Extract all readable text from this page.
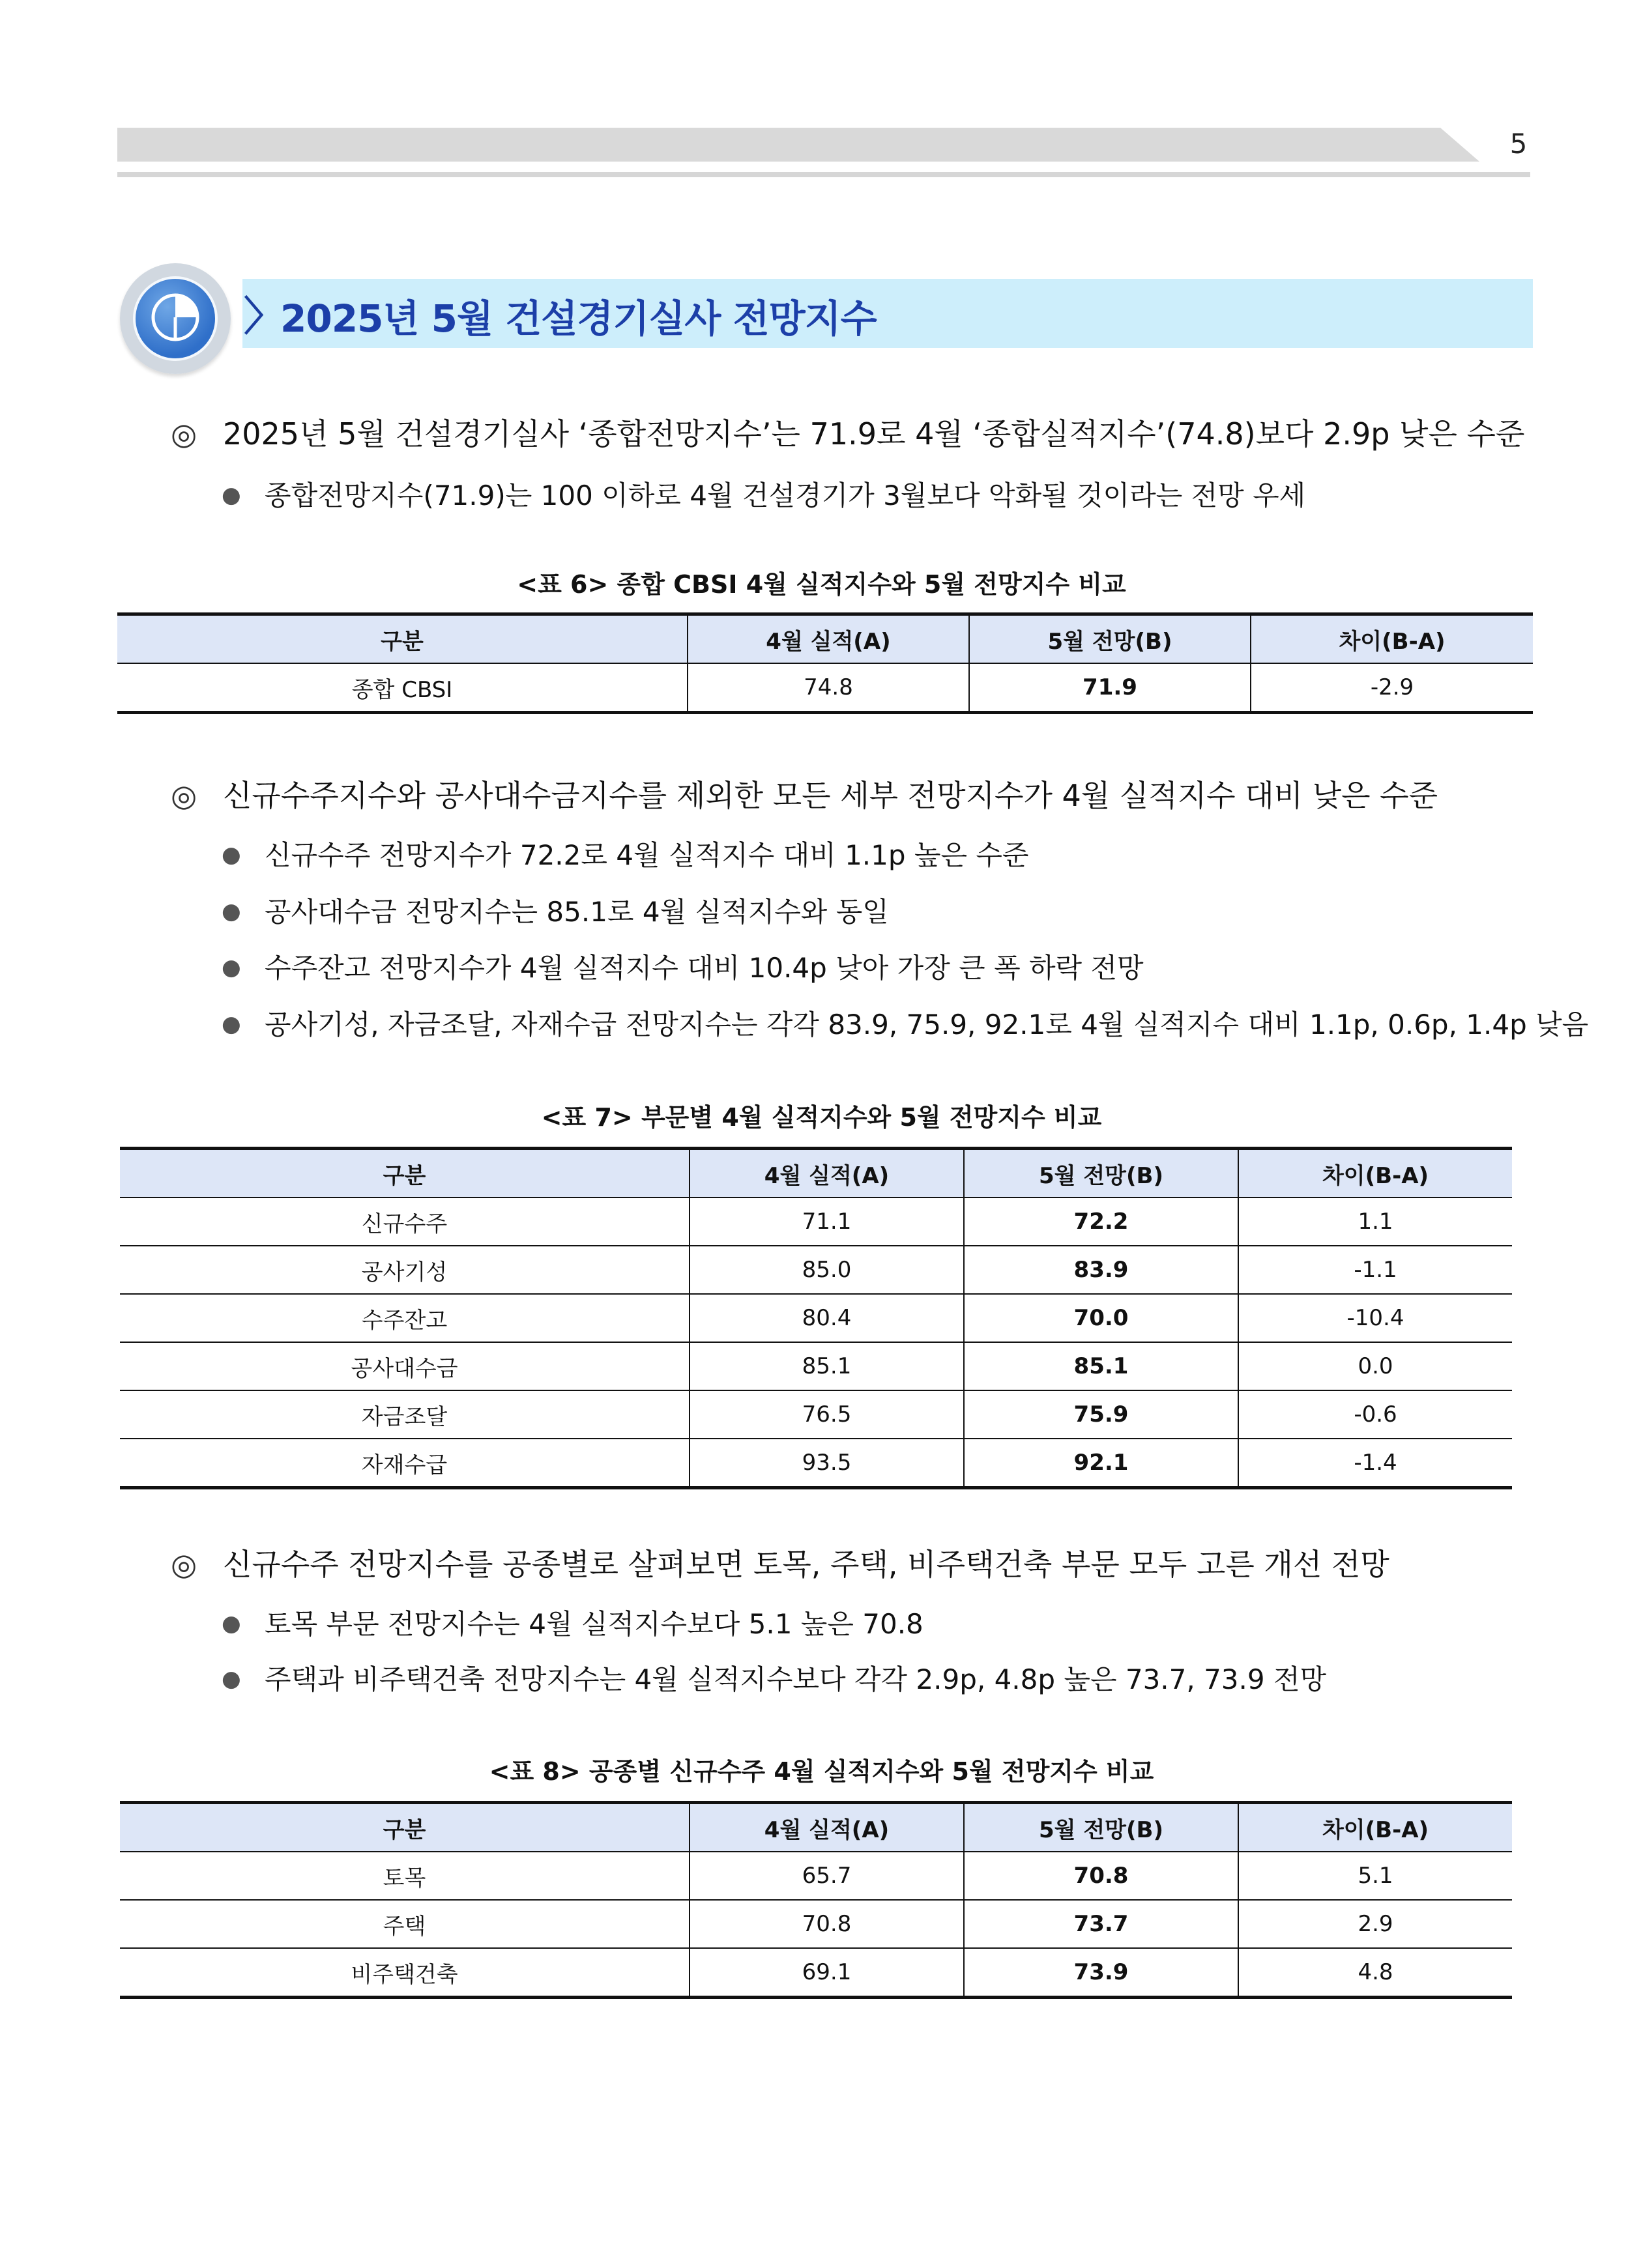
5
〉
2025년 5월 건설경기실사 전망지수
◎ 2025년 5월 건설경기실사 ‘종합전망지수’는 71.9로 4월 ‘종합실적지수’(74.8)보다 2.9p 낮은 수준
● 종합전망지수(71.9)는 100 이하로 4월 건설경기가 3월보다 악화될 것이라는 전망 우세
<표 6> 종합 CBSI 4월 실적지수와 5월 전망지수 비교
구분	4월 실적(A)	5월 전망(B)	차이(B-A)
종합 CBSI	74.8	71.9	-2.9
◎ 신규수주지수와 공사대수금지수를 제외한 모든 세부 전망지수가 4월 실적지수 대비 낮은 수준
● 신규수주 전망지수가 72.2로 4월 실적지수 대비 1.1p 높은 수준
● 공사대수금 전망지수는 85.1로 4월 실적지수와 동일
● 수주잔고 전망지수가 4월 실적지수 대비 10.4p 낮아 가장 큰 폭 하락 전망
● 공사기성, 자금조달, 자재수급 전망지수는 각각 83.9, 75.9, 92.1로 4월 실적지수 대비 1.1p, 0.6p, 1.4p 낮음
<표 7> 부문별 4월 실적지수와 5월 전망지수 비교
구분	4월 실적(A)	5월 전망(B)	차이(B-A)
신규수주	71.1	72.2	1.1
공사기성	85.0	83.9	-1.1
수주잔고	80.4	70.0	-10.4
공사대수금	85.1	85.1	0.0
자금조달	76.5	75.9	-0.6
자재수급	93.5	92.1	-1.4
◎ 신규수주 전망지수를 공종별로 살펴보면 토목, 주택, 비주택건축 부문 모두 고른 개선 전망
● 토목 부문 전망지수는 4월 실적지수보다 5.1 높은 70.8
● 주택과 비주택건축 전망지수는 4월 실적지수보다 각각 2.9p, 4.8p 높은 73.7, 73.9 전망
<표 8> 공종별 신규수주 4월 실적지수와 5월 전망지수 비교
구분	4월 실적(A)	5월 전망(B)	차이(B-A)
토목	65.7	70.8	5.1
주택	70.8	73.7	2.9
비주택건축	69.1	73.9	4.8
